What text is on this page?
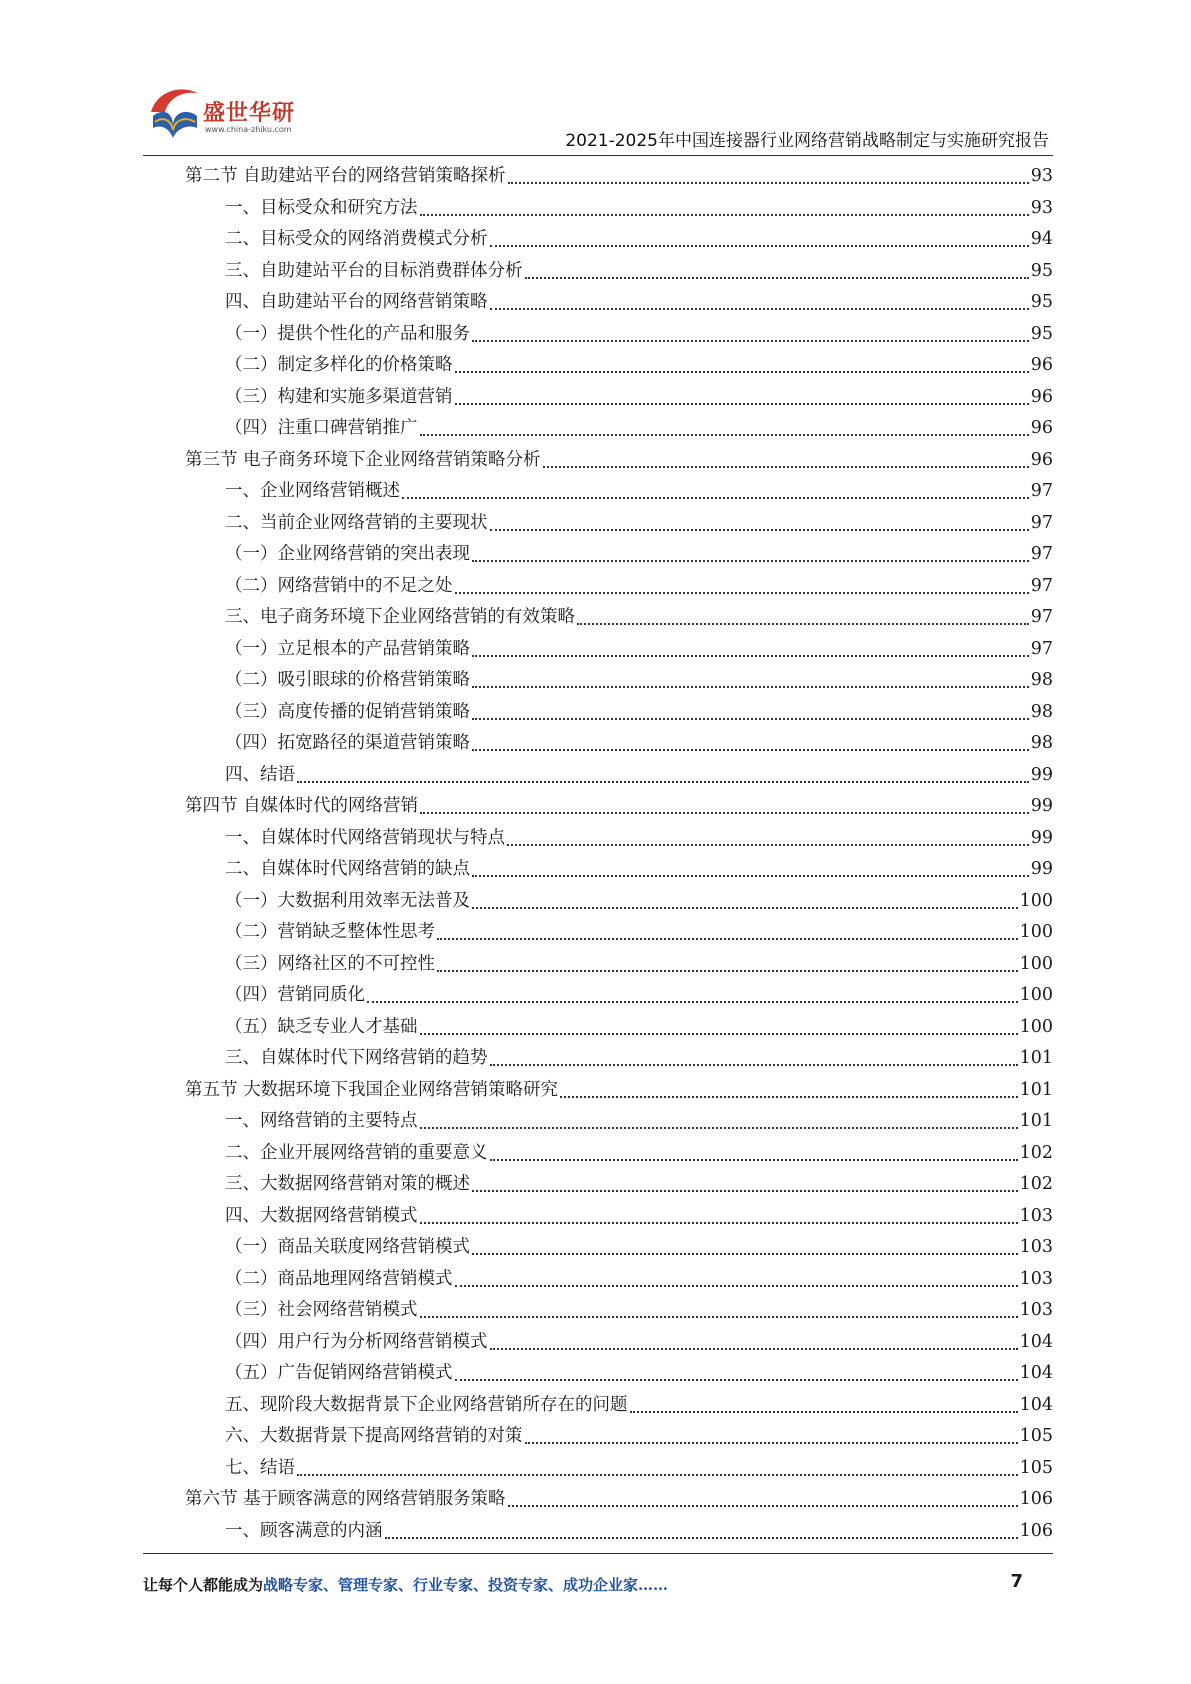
盛世华研
www.china-zhiku.com
2021-2025年中国连接器行业网络营销战略制定与实施研究报告
第二节 自助建站平台的网络营销策略探析	93
一、目标受众和研究方法	93
二、目标受众的网络消费模式分析	94
三、自助建站平台的目标消费群体分析	95
四、自助建站平台的网络营销策略	95
（一）提供个性化的产品和服务	95
（二）制定多样化的价格策略	96
（三）构建和实施多渠道营销	96
（四）注重口碑营销推广	96
第三节 电子商务环境下企业网络营销策略分析	96
一、企业网络营销概述	97
二、当前企业网络营销的主要现状	97
（一）企业网络营销的突出表现	97
（二）网络营销中的不足之处	97
三、电子商务环境下企业网络营销的有效策略	97
（一）立足根本的产品营销策略	97
（二）吸引眼球的价格营销策略	98
（三）高度传播的促销营销策略	98
（四）拓宽路径的渠道营销策略	98
四、结语	99
第四节 自媒体时代的网络营销	99
一、自媒体时代网络营销现状与特点	99
二、自媒体时代网络营销的缺点	99
（一）大数据利用效率无法普及	100
（二）营销缺乏整体性思考	100
（三）网络社区的不可控性	100
（四）营销同质化	100
（五）缺乏专业人才基础	100
三、自媒体时代下网络营销的趋势	101
第五节 大数据环境下我国企业网络营销策略研究	101
一、网络营销的主要特点	101
二、企业开展网络营销的重要意义	102
三、大数据网络营销对策的概述	102
四、大数据网络营销模式	103
（一）商品关联度网络营销模式	103
（二）商品地理网络营销模式	103
（三）社会网络营销模式	103
（四）用户行为分析网络营销模式	104
（五）广告促销网络营销模式	104
五、现阶段大数据背景下企业网络营销所存在的问题	104
六、大数据背景下提高网络营销的对策	105
七、结语	105
第六节 基于顾客满意的网络营销服务策略	106
一、顾客满意的内涵	106
让每个人都能成为战略专家、管理专家、行业专家、投资专家、成功企业家……	7
